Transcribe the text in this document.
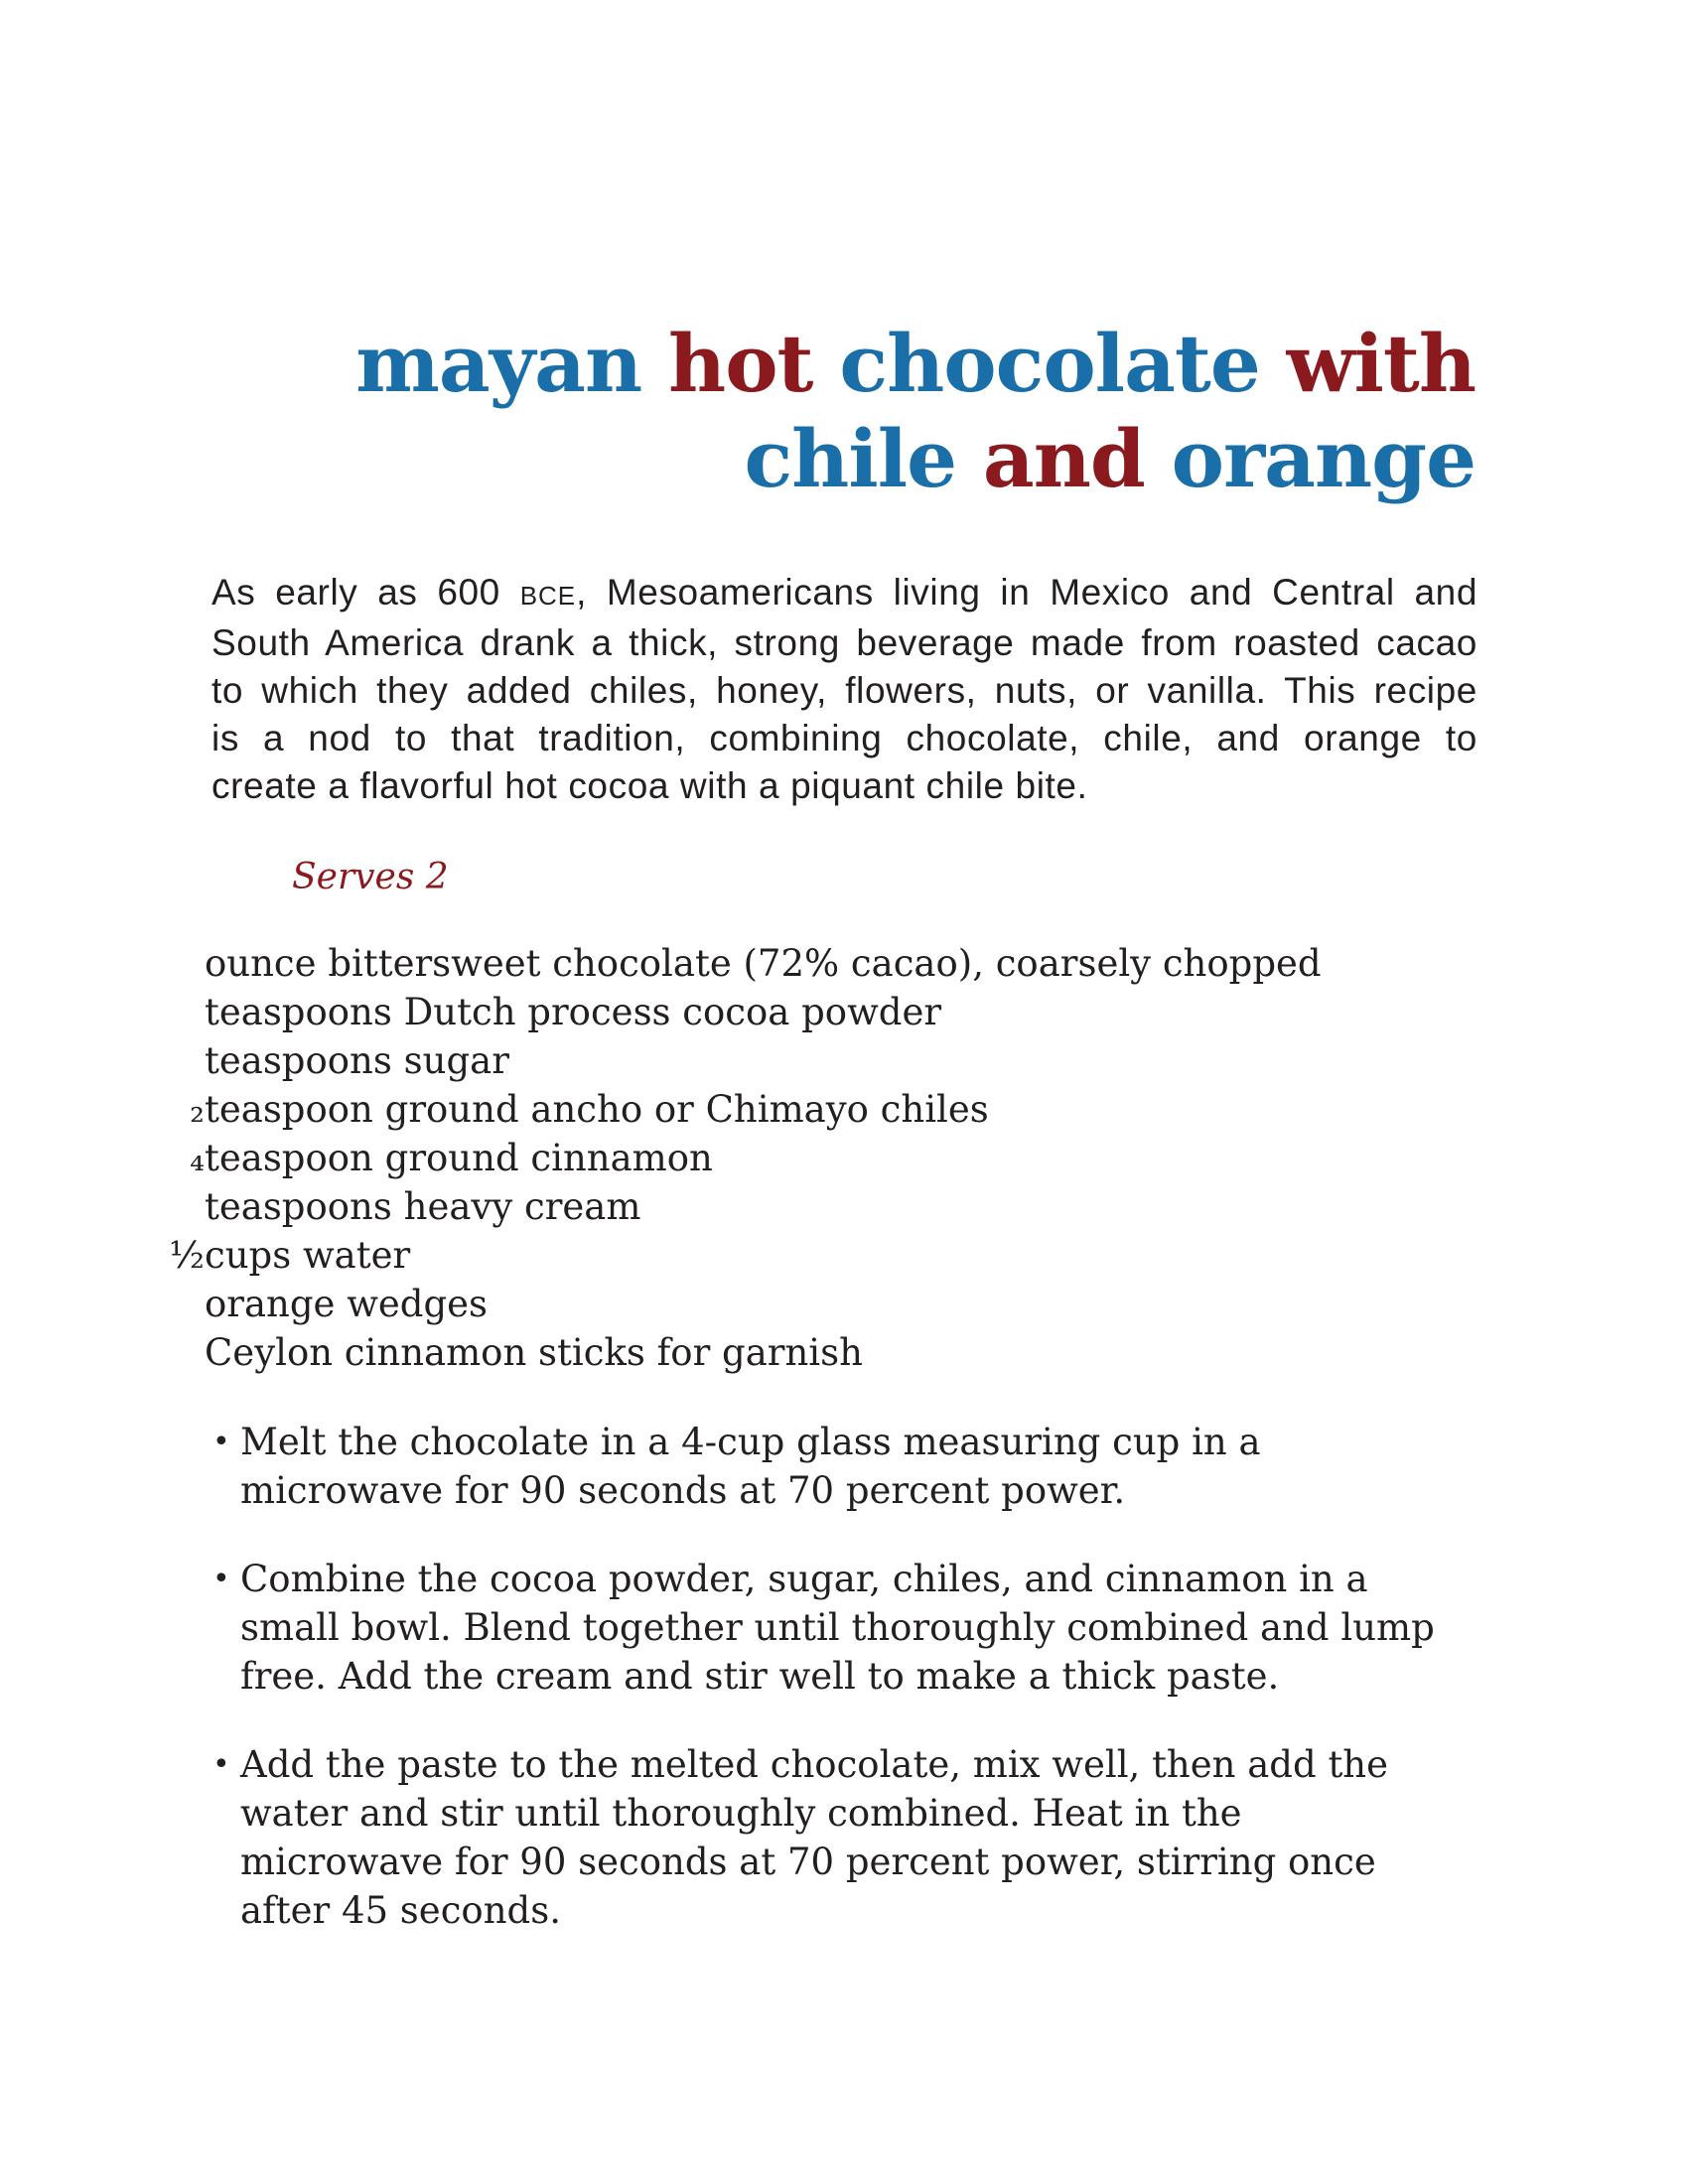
mayan hot chocolate with
chile and orange
As early as 600 BCE, Mesoamericans living in Mexico and Central and
South America drank a thick, strong beverage made from roasted cacao
to which they added chiles, honey, flowers, nuts, or vanilla. This recipe
is a nod to that tradition, combining chocolate, chile, and orange to
create a flavorful hot cocoa with a piquant chile bite.
Serves 2
ounce bittersweet chocolate (72% cacao), coarsely chopped
teaspoons Dutch process cocoa powder
teaspoons sugar
₂teaspoon ground ancho or Chimayo chiles
₄teaspoon ground cinnamon
teaspoons heavy cream
½cups water
orange wedges
Ceylon cinnamon sticks for garnish
• Melt the chocolate in a 4-cup glass measuring cup in a
microwave for 90 seconds at 70 percent power.
• Combine the cocoa powder, sugar, chiles, and cinnamon in a
small bowl. Blend together until thoroughly combined and lump
free. Add the cream and stir well to make a thick paste.
• Add the paste to the melted chocolate, mix well, then add the
water and stir until thoroughly combined. Heat in the
microwave for 90 seconds at 70 percent power, stirring once
after 45 seconds.
